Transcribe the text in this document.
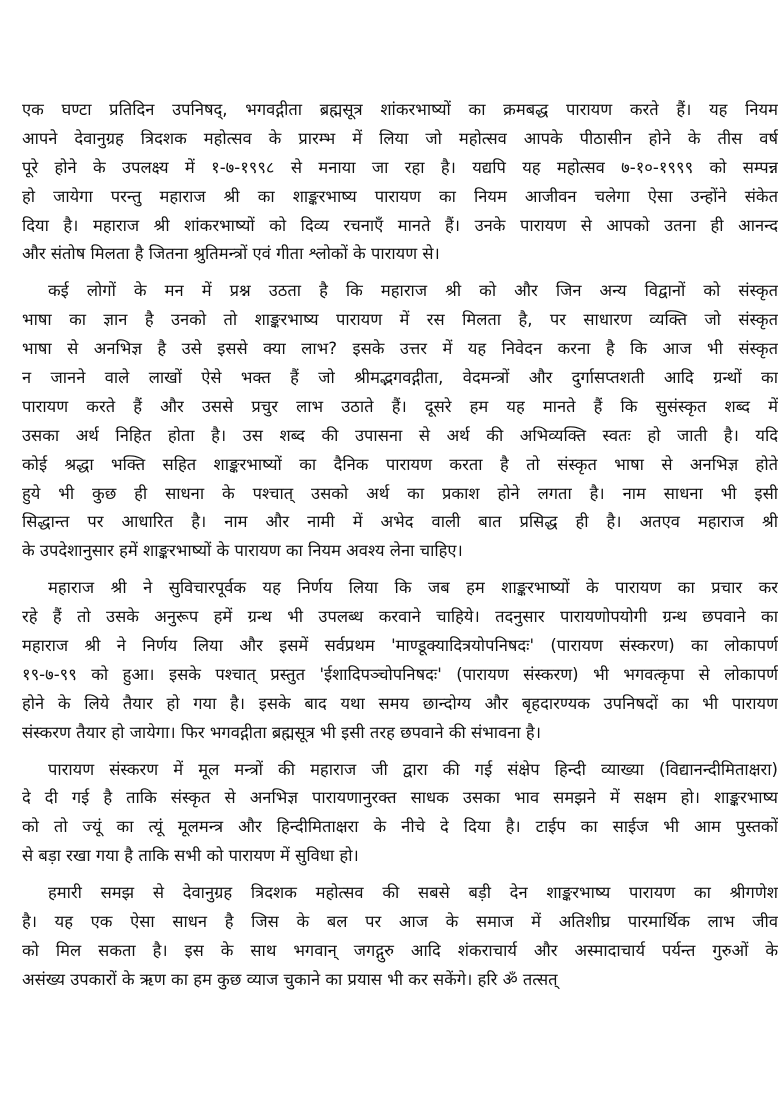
एक घण्टा प्रतिदिन उपनिषद्, भगवद्गीता ब्रह्मसूत्र शांकरभाष्यों का क्रमबद्ध पारायण करते हैं। यह नियम
आपने देवानुग्रह त्रिदशक महोत्सव के प्रारम्भ में लिया जो महोत्सव आपके पीठासीन होने के तीस वर्ष
पूरे होने के उपलक्ष्य में १-७-१९९८ से मनाया जा रहा है। यद्यपि यह महोत्सव ७-१०-१९९९ को सम्पन्न
हो जायेगा परन्तु महाराज श्री का शाङ्करभाष्य पारायण का नियम आजीवन चलेगा ऐसा उन्होंने संकेत
दिया है। महाराज श्री शांकरभाष्यों को दिव्य रचनाएँ मानते हैं। उनके पारायण से आपको उतना ही आनन्द
और संतोष मिलता है जितना श्रुतिमन्त्रों एवं गीता श्लोकों के पारायण से।
कई लोगों के मन में प्रश्न उठता है कि महाराज श्री को और जिन अन्य विद्वानों को संस्कृत
भाषा का ज्ञान है उनको तो शाङ्करभाष्य पारायण में रस मिलता है, पर साधारण व्यक्ति जो संस्कृत
भाषा से अनभिज्ञ है उसे इससे क्या लाभ? इसके उत्तर में यह निवेदन करना है कि आज भी संस्कृत
न जानने वाले लाखों ऐसे भक्त हैं जो श्रीमद्भगवद्गीता, वेदमन्त्रों और दुर्गासप्तशती आदि ग्रन्थों का
पारायण करते हैं और उससे प्रचुर लाभ उठाते हैं। दूसरे हम यह मानते हैं कि सुसंस्कृत शब्द में
उसका अर्थ निहित होता है। उस शब्द की उपासना से अर्थ की अभिव्यक्ति स्वतः हो जाती है। यदि
कोई श्रद्धा भक्ति सहित शाङ्करभाष्यों का दैनिक पारायण करता है तो संस्कृत भाषा से अनभिज्ञ होते
हुये भी कुछ ही साधना के पश्चात् उसको अर्थ का प्रकाश होने लगता है। नाम साधना भी इसी
सिद्धान्त पर आधारित है। नाम और नामी में अभेद वाली बात प्रसिद्ध ही है। अतएव महाराज श्री
के उपदेशानुसार हमें शाङ्करभाष्यों के पारायण का नियम अवश्य लेना चाहिए।
महाराज श्री ने सुविचारपूर्वक यह निर्णय लिया कि जब हम शाङ्करभाष्यों के पारायण का प्रचार कर
रहे हैं तो उसके अनुरूप हमें ग्रन्थ भी उपलब्ध करवाने चाहिये। तदनुसार पारायणोपयोगी ग्रन्थ छपवाने का
महाराज श्री ने निर्णय लिया और इसमें सर्वप्रथम 'माण्डूक्यादित्रयोपनिषदः' (पारायण संस्करण) का लोकापर्ण
१९-७-९९ को हुआ। इसके पश्चात् प्रस्तुत 'ईशादिपञ्चोपनिषदः' (पारायण संस्करण) भी भगवत्कृपा से लोकापर्ण
होने के लिये तैयार हो गया है। इसके बाद यथा समय छान्दोग्य और बृहदारण्यक उपनिषदों का भी पारायण
संस्करण तैयार हो जायेगा। फिर भगवद्गीता ब्रह्मसूत्र भी इसी तरह छपवाने की संभावना है।
पारायण संस्करण में मूल मन्त्रों की महाराज जी द्वारा की गई संक्षेप हिन्दी व्याख्या (विद्यानन्दीमिताक्षरा)
दे दी गई है ताकि संस्कृत से अनभिज्ञ पारायणानुरक्त साधक उसका भाव समझने में सक्षम हो। शाङ्करभाष्य
को तो ज्यूं का त्यूं मूलमन्त्र और हिन्दीमिताक्षरा के नीचे दे दिया है। टाईप का साईज भी आम पुस्तकों
से बड़ा रखा गया है ताकि सभी को पारायण में सुविधा हो।
हमारी समझ से देवानुग्रह त्रिदशक महोत्सव की सबसे बड़ी देन शाङ्करभाष्य पारायण का श्रीगणेश
है। यह एक ऐसा साधन है जिस के बल पर आज के समाज में अतिशीघ्र पारमार्थिक लाभ जीव
को मिल सकता है। इस के साथ भगवान् जगद्गुरु आदि शंकराचार्य और अस्मादाचार्य पर्यन्त गुरुओं के
असंख्य उपकारों के ऋण का हम कुछ व्याज चुकाने का प्रयास भी कर सकेंगे। हरि ॐ तत्सत्
